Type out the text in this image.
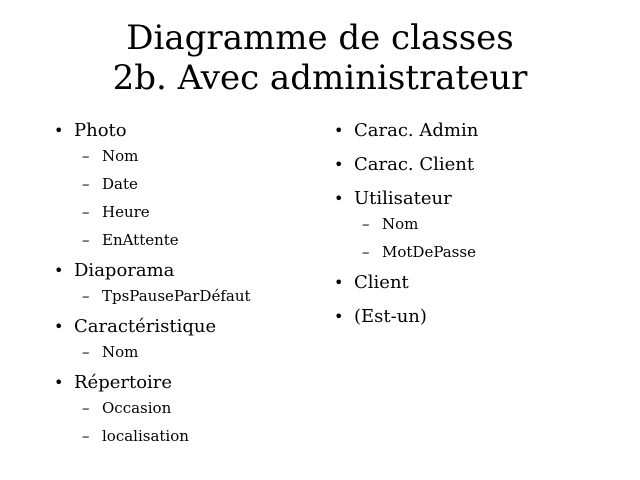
Diagramme de classes
2b. Avec administrateur
• Photo
– Nom
– Date
– Heure
– EnAttente
• Diaporama
– TpsPauseParDéfaut
• Caractéristique
– Nom
• Répertoire
– Occasion
– localisation
• Carac. Admin
• Carac. Client
• Utilisateur
– Nom
– MotDePasse
• Client
• (Est-un)
